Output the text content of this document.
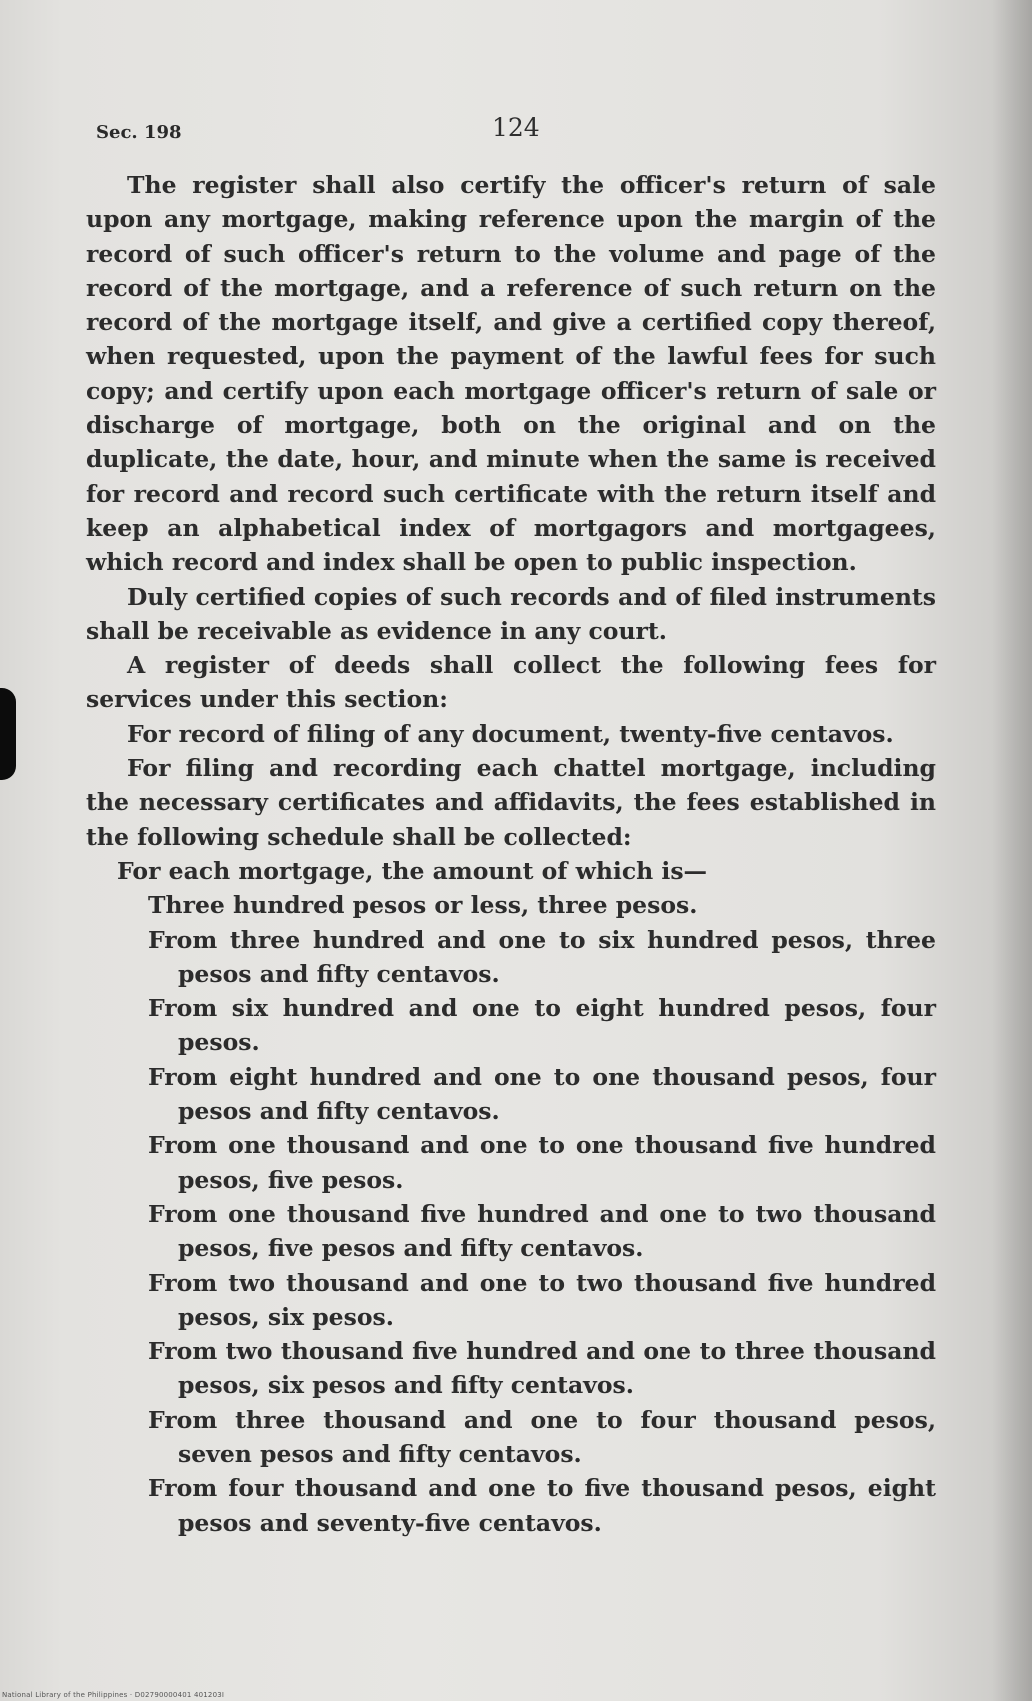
Sec. 198	124

The register shall also certify the officer's return of sale upon any mortgage, making reference upon the margin of the record of such officer's return to the volume and page of the record of the mortgage, and a reference of such return on the record of the mortgage itself, and give a certified copy thereof, when requested, upon the payment of the lawful fees for such copy; and certify upon each mortgage officer's return of sale or discharge of mortgage, both on the original and on the duplicate, the date, hour, and minute when the same is received for record and record such certificate with the return itself and keep an alphabetical index of mortgagors and mortgagees, which record and index shall be open to public inspection.

Duly certified copies of such records and of filed instruments shall be receivable as evidence in any court.

A register of deeds shall collect the following fees for services under this section:

For record of filing of any document, twenty-five centavos.

For filing and recording each chattel mortgage, including the necessary certificates and affidavits, the fees established in the following schedule shall be collected:

For each mortgage, the amount of which is—

Three hundred pesos or less, three pesos.

From three hundred and one to six hundred pesos, three pesos and fifty centavos.

From six hundred and one to eight hundred pesos, four pesos.

From eight hundred and one to one thousand pesos, four pesos and fifty centavos.

From one thousand and one to one thousand five hundred pesos, five pesos.

From one thousand five hundred and one to two thousand pesos, five pesos and fifty centavos.

From two thousand and one to two thousand five hundred pesos, six pesos.

From two thousand five hundred and one to three thousand pesos, six pesos and fifty centavos.

From three thousand and one to four thousand pesos, seven pesos and fifty centavos.

From four thousand and one to five thousand pesos, eight pesos and seventy-five centavos.

National Library of the Philippines · D02790000401 401203I
